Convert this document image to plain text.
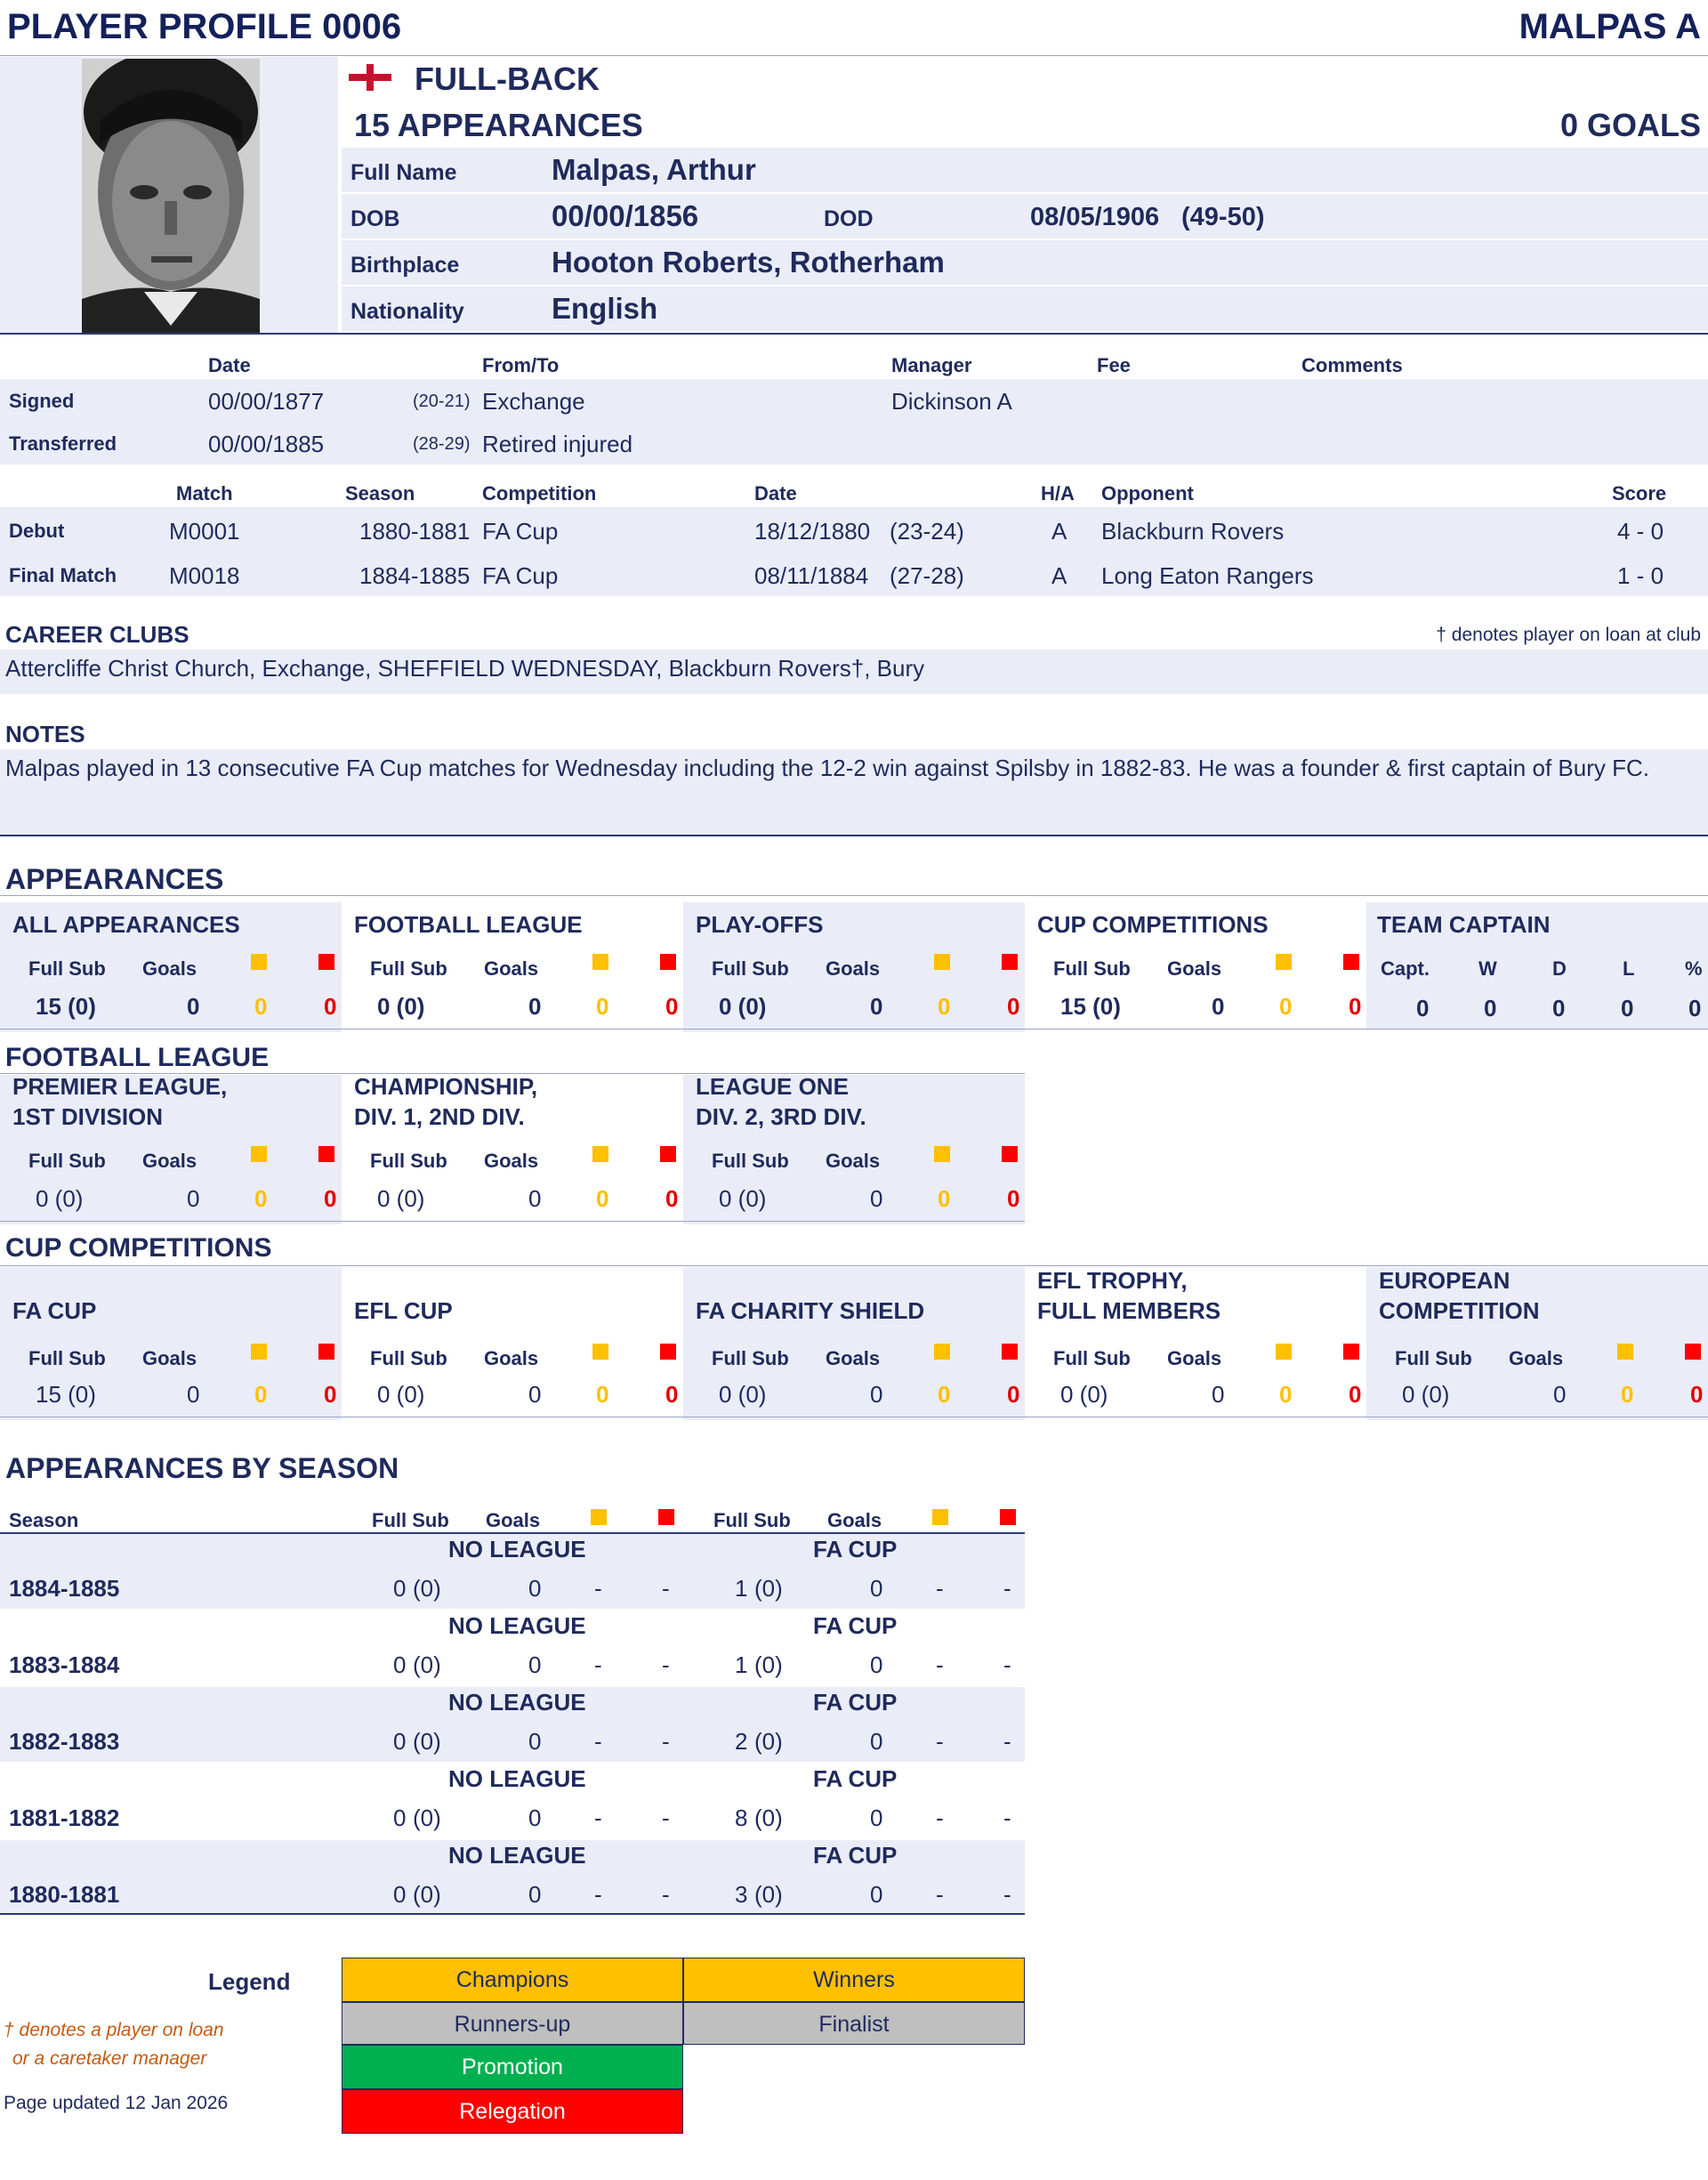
PLAYER PROFILE 0006	MALPAS A
FULL-BACK
15 APPEARANCES	0 GOALS
Full Name	Malpas, Arthur
DOB	00/00/1856	DOD	08/05/1906 (49-50)
Birthplace	Hooton Roberts, Rotherham
Nationality	English
Date	From/To	Manager	Fee	Comments
Signed	00/00/1877	(20-21) Exchange	Dickinson A
Transferred	00/00/1885	(28-29) Retired injured
Match	Season	Competition	Date	H/A Opponent	Score
Debut	M0001	1880-1881 FA Cup	18/12/1880 (23-24)	A Blackburn Rovers	4 - 0
Final Match M0018	1884-1885 FA Cup	08/11/1884 (27-28)	A Long Eaton Rangers	1 - 0
CAREER CLUBS	† denotes player on loan at club
Attercliffe Christ Church, Exchange, SHEFFIELD WEDNESDAY, Blackburn Rovers†, Bury
NOTES
Malpas played in 13 consecutive FA Cup matches for Wednesday including the 12-2 win against Spilsby in 1882-83. He was a founder & first captain of Bury FC.
APPEARANCES
ALL APPEARANCES
Full Sub Goals
15 (0)	0 0 0
FOOTBALL LEAGUE
Full Sub Goals
0 (0)	0 0 0
PLAY-OFFS
Full Sub Goals
0 (0)	0 0 0
CUP COMPETITIONS
Full Sub Goals
15 (0)	0 0 0
TEAM CAPTAIN
Capt.	W	D	L	%
0 0 0 0 0
FOOTBALL LEAGUE
PREMIER LEAGUE,
1ST DIVISION
Full Sub Goals
0 (0)	0 0 0
CHAMPIONSHIP,
DIV. 1, 2ND DIV.
Full Sub Goals
0 (0)	0 0 0
LEAGUE ONE
DIV. 2, 3RD DIV.
Full Sub Goals
0 (0)	0 0 0
CUP COMPETITIONS
FA CUP
Full Sub Goals
15 (0)	0 0 0
EFL CUP
Full Sub Goals
0 (0)	0 0 0
FA CHARITY SHIELD
Full Sub Goals
0 (0)	0 0 0
EFL TROPHY,
FULL MEMBERS
Full Sub Goals
0 (0)	0 0 0
EUROPEAN
COMPETITION
Full Sub Goals
0 (0)	0 0 0
APPEARANCES BY SEASON
Season	Full Sub Goals	Full Sub Goals
NO LEAGUE	FA CUP
1884-1885	0 (0)	0 -	-	1 (0)	0 -	-
NO LEAGUE	FA CUP
1883-1884	0 (0)	0 -	-	1 (0)	0 -	-
NO LEAGUE	FA CUP
1882-1883	0 (0)	0 -	-	2 (0)	0 -	-
NO LEAGUE	FA CUP
1881-1882	0 (0)	0 -	-	8 (0)	0 -	-
NO LEAGUE	FA CUP
1880-1881	0 (0)	0 -	-	3 (0)	0 -	-
Legend	Champions	Winners
Runners-up	Finalist
Promotion
Relegation
† denotes a player on loan
or a caretaker manager
Page updated 12 Jan 2026
